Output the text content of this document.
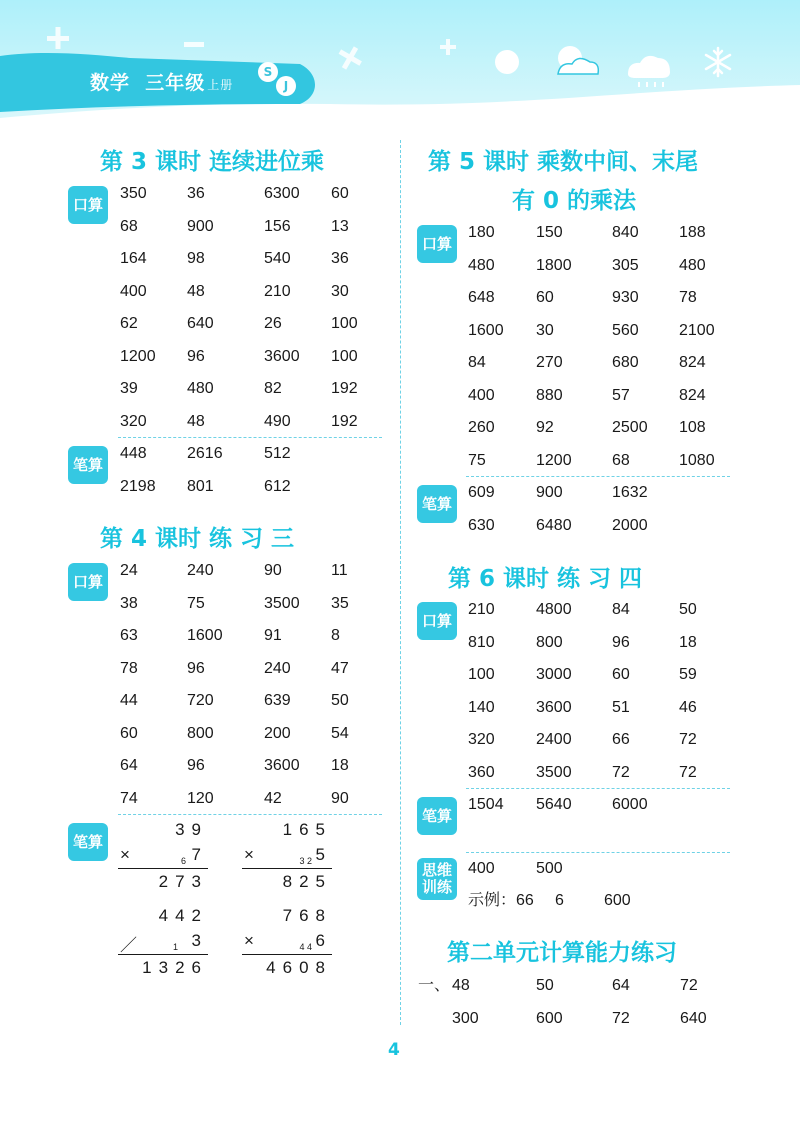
数学 三年级 上册
S
J
第 3 课时 连续进位乘
口算
350	36	6300 60
68	900	156	13
164	98	540	36
400	48	210	30
62	640	26	100
1200 96	3600 100
39	480	82	192
320	48	490	192
笔算
448	2616	512
2198 801	612
第 4 课时 练 习 三
口算
24	240	90	11
38	75	3500 35
63	1600	91	8
78	96	240	47
44	720	639	50
60	800	200	54
64	96	3600 18
74	120	42	90
笔算
39
×	6 7
273
165
×	3 2 5
825
442
／	1 3
1326
768
×	4 4 6
4608
第 5 课时 乘数中间、末尾
有 0 的乘法
口算
180	150	840	188
480	1800	305	480
648	60	930	78
1600 30	560	2100
84	270	680	824
400	880	57	824
260	92	2500 108
75	1200	68	1080
笔算
609	900	1632
630	6480	2000
第 6 课时 练 习 四
口算
210	4800	84	50
810	800	96	18
100	3000	60	59
140	3600	51	46
320	2400	66	72
360	3500	72	72
笔算
1504 5640	6000
思维训练
400	500
示例：66 6	600
第二单元计算能力练习
一、 48	50	64	72
300	600	72	640
4
